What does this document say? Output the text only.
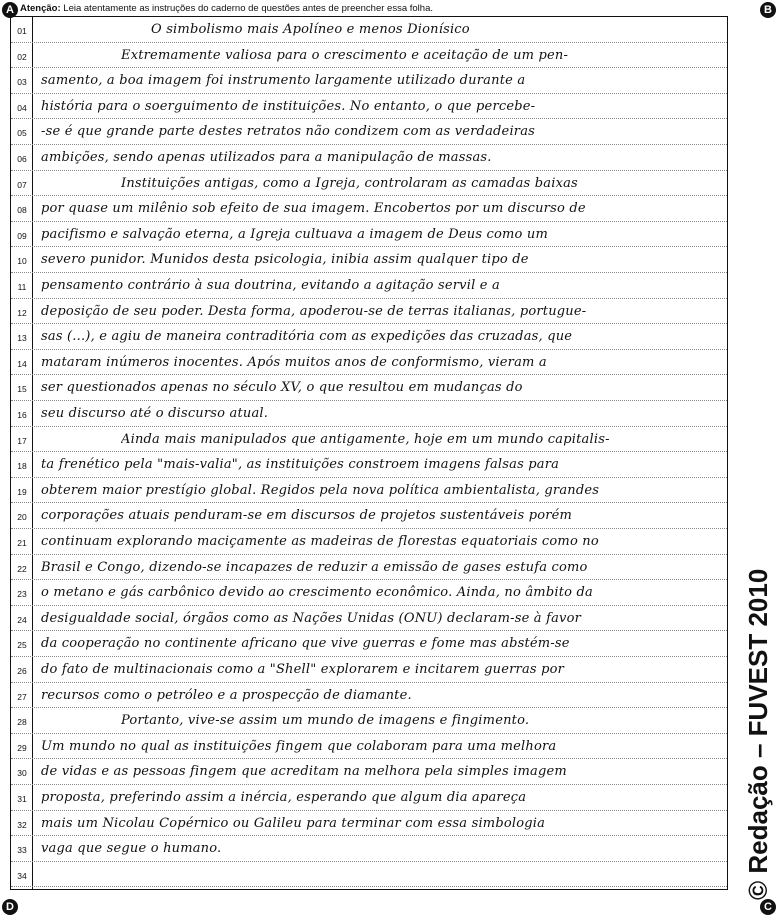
A	B
D	C
Atenção: Leia atentamente as instruções do caderno de questões antes de preencher essa folha.
01	O simbolismo mais Apolíneo e menos Dionísico
02	Extremamente valiosa para o crescimento e aceitação de um pen-
03	samento, a boa imagem foi instrumento largamente utilizado durante a
04	história para o soerguimento de instituições. No entanto, o que percebe-
05	-se é que grande parte destes retratos não condizem com as verdadeiras
06	ambições, sendo apenas utilizados para a manipulação de massas.
07	Instituições antigas, como a Igreja, controlaram as camadas baixas
08	por quase um milênio sob efeito de sua imagem. Encobertos por um discurso de
09	pacifismo e salvação eterna, a Igreja cultuava a imagem de Deus como um
10	severo punidor. Munidos desta psicologia, inibia assim qualquer tipo de
11	pensamento contrário à sua doutrina, evitando a agitação servil e a
12	deposição de seu poder. Desta forma, apoderou-se de terras italianas, portugue-
13	sas (...), e agiu de maneira contraditória com as expedições das cruzadas, que
14	mataram inúmeros inocentes. Após muitos anos de conformismo, vieram a
15	ser questionados apenas no século XV, o que resultou em mudanças do
16	seu discurso até o discurso atual.
17	Ainda mais manipulados que antigamente, hoje em um mundo capitalis-
18	ta frenético pela "mais-valia", as instituições constroem imagens falsas para
19	obterem maior prestígio global. Regidos pela nova política ambientalista, grandes
20	corporações atuais penduram-se em discursos de projetos sustentáveis porém
21	continuam explorando maciçamente as madeiras de florestas equatoriais como no
22	Brasil e Congo, dizendo-se incapazes de reduzir a emissão de gases estufa como
23	o metano e gás carbônico devido ao crescimento econômico. Ainda, no âmbito da
24	desigualdade social, órgãos como as Nações Unidas (ONU) declaram-se à favor
25	da cooperação no continente africano que vive guerras e fome mas abstém-se
26	do fato de multinacionais como a "Shell" explorarem e incitarem guerras por
27	recursos como o petróleo e a prospecção de diamante.
28	Portanto, vive-se assim um mundo de imagens e fingimento.
29	Um mundo no qual as instituições fingem que colaboram para uma melhora
30	de vidas e as pessoas fingem que acreditam na melhora pela simples imagem
31	proposta, preferindo assim a inércia, esperando que algum dia apareça
32	mais um Nicolau Copérnico ou Galileu para terminar com essa simbologia
33	vaga que segue o humano.
34	© Redação – FUVEST 2010
